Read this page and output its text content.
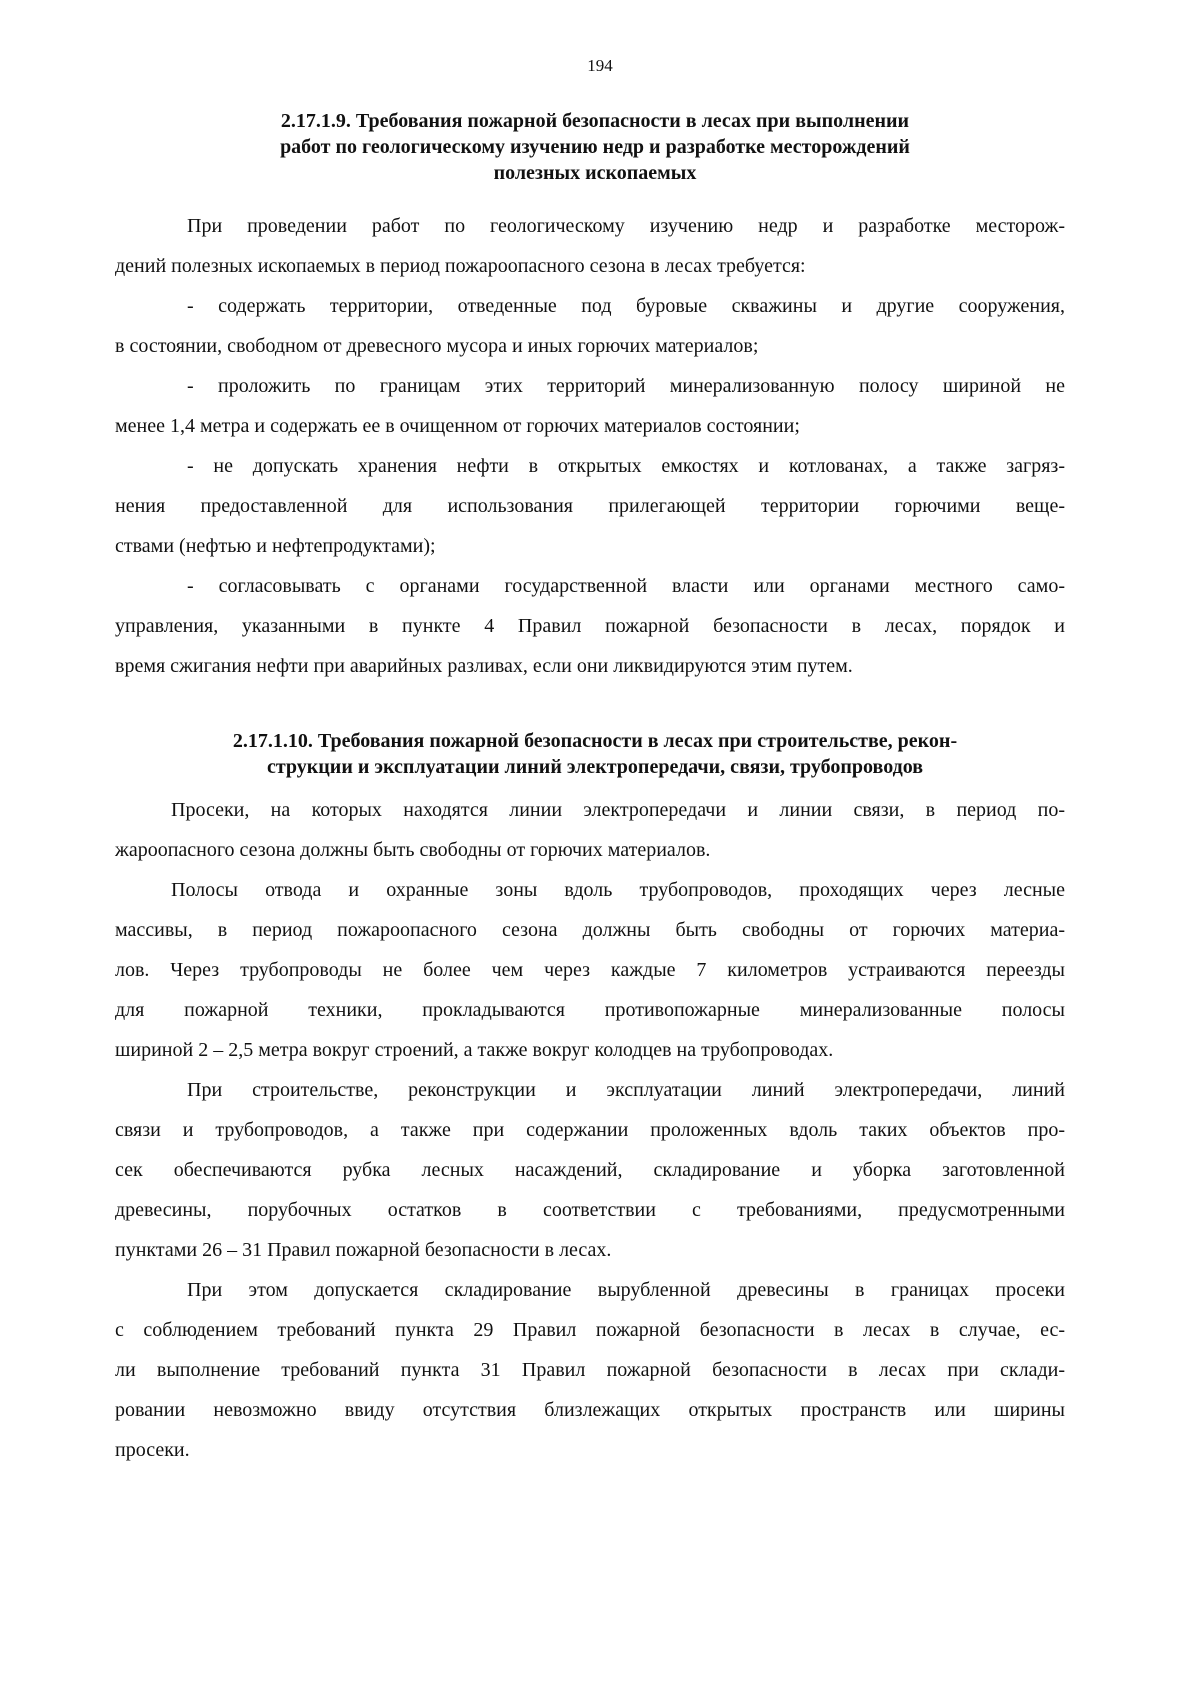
194
2.17.1.9. Требования пожарной безопасности в лесах при выполнении
работ по геологическому изучению недр и разработке месторождений
полезных ископаемых
При проведении работ по геологическому изучению недр и разработке месторож-
дений полезных ископаемых в период пожароопасного сезона в лесах требуется:
- содержать территории, отведенные под буровые скважины и другие сооружения,
в состоянии, свободном от древесного мусора и иных горючих материалов;
- проложить по границам этих территорий минерализованную полосу шириной не
менее 1,4 метра и содержать ее в очищенном от горючих материалов состоянии;
- не допускать хранения нефти в открытых емкостях и котлованах, а также загряз-
нения предоставленной для использования прилегающей территории горючими веще-
ствами (нефтью и нефтепродуктами);
- согласовывать с органами государственной власти или органами местного само-
управления, указанными в пункте 4 Правил пожарной безопасности в лесах, порядок и
время сжигания нефти при аварийных разливах, если они ликвидируются этим путем.
2.17.1.10. Требования пожарной безопасности в лесах при строительстве, рекон-
струкции и эксплуатации линий электропередачи, связи, трубопроводов
Просеки, на которых находятся линии электропередачи и линии связи, в период по-
жароопасного сезона должны быть свободны от горючих материалов.
Полосы отвода и охранные зоны вдоль трубопроводов, проходящих через лесные
массивы, в период пожароопасного сезона должны быть свободны от горючих материа-
лов. Через трубопроводы не более чем через каждые 7 километров устраиваются переезды
для пожарной техники, прокладываются противопожарные минерализованные полосы
шириной 2 – 2,5 метра вокруг строений, а также вокруг колодцев на трубопроводах.
При строительстве, реконструкции и эксплуатации линий электропередачи, линий
связи и трубопроводов, а также при содержании проложенных вдоль таких объектов про-
сек обеспечиваются рубка лесных насаждений, складирование и уборка заготовленной
древесины, порубочных остатков в соответствии с требованиями, предусмотренными
пунктами 26 – 31 Правил пожарной безопасности в лесах.
При этом допускается складирование вырубленной древесины в границах просеки
с соблюдением требований пункта 29 Правил пожарной безопасности в лесах в случае, ес-
ли выполнение требований пункта 31 Правил пожарной безопасности в лесах при склади-
ровании невозможно ввиду отсутствия близлежащих открытых пространств или ширины
просеки.
